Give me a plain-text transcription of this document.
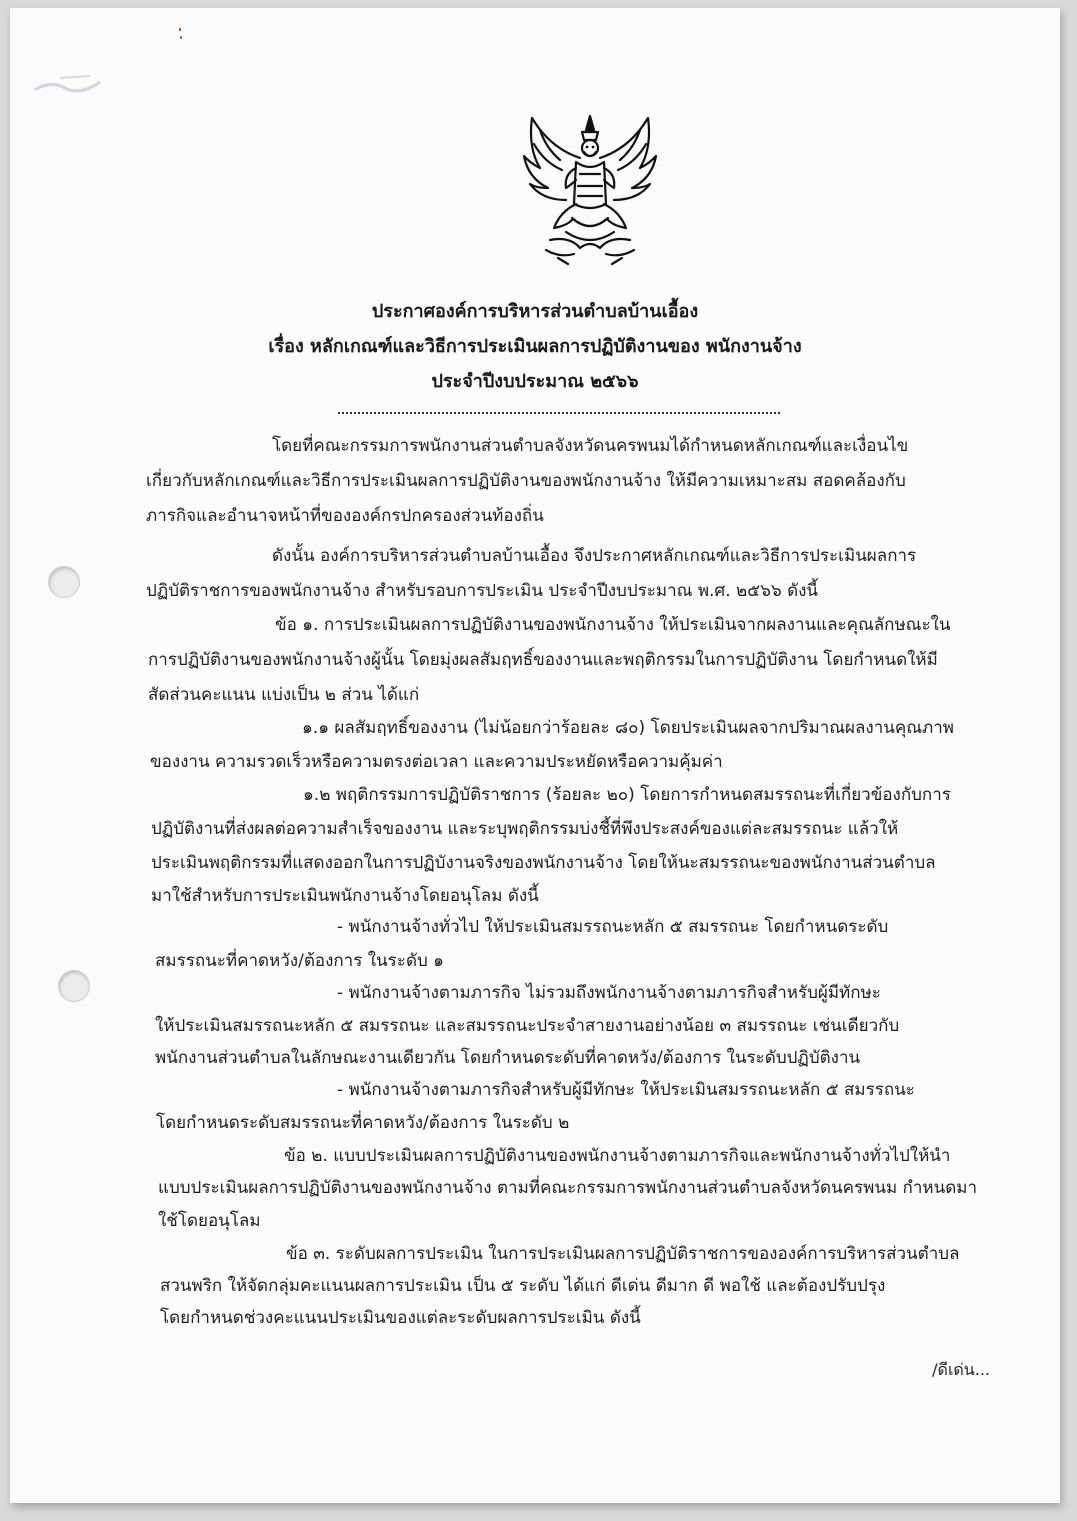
ประกาศองค์การบริหารส่วนตำบลบ้านเอื้อง
เรื่อง หลักเกณฑ์และวิธีการประเมินผลการปฏิบัติงานของ พนักงานจ้าง
ประจำปีงบประมาณ ๒๕๖๖
โดยที่คณะกรรมการพนักงานส่วนตำบลจังหวัดนครพนมได้กำหนดหลักเกณฑ์และเงื่อนไข
เกี่ยวกับหลักเกณฑ์และวิธีการประเมินผลการปฏิบัติงานของพนักงานจ้าง ให้มีความเหมาะสม สอดคล้องกับ
ภารกิจและอำนาจหน้าที่ขององค์กรปกครองส่วนท้องถิ่น
ดังนั้น องค์การบริหารส่วนตำบลบ้านเอื้อง จึงประกาศหลักเกณฑ์และวิธีการประเมินผลการ
ปฏิบัติราชการของพนักงานจ้าง สำหรับรอบการประเมิน ประจำปีงบประมาณ พ.ศ. ๒๕๖๖ ดังนี้
ข้อ ๑. การประเมินผลการปฏิบัติงานของพนักงานจ้าง ให้ประเมินจากผลงานและคุณลักษณะใน
การปฏิบัติงานของพนักงานจ้างผู้นั้น โดยมุ่งผลสัมฤทธิ์ของงานและพฤติกรรมในการปฏิบัติงาน โดยกำหนดให้มี
สัดส่วนคะแนน แบ่งเป็น ๒ ส่วน ได้แก่
๑.๑ ผลสัมฤทธิ์ของงาน (ไม่น้อยกว่าร้อยละ ๘๐) โดยประเมินผลจากปริมาณผลงานคุณภาพ
ของงาน ความรวดเร็วหรือความตรงต่อเวลา และความประหยัดหรือความคุ้มค่า
๑.๒ พฤติกรรมการปฏิบัติราชการ (ร้อยละ ๒๐) โดยการกำหนดสมรรถนะที่เกี่ยวข้องกับการ
ปฏิบัติงานที่ส่งผลต่อความสำเร็จของงาน และระบุพฤติกรรมบ่งชี้ที่พึงประสงค์ของแต่ละสมรรถนะ แล้วให้
ประเมินพฤติกรรมที่แสดงออกในการปฏิบังานจริงของพนักงานจ้าง โดยให้นะสมรรถนะของพนักงานส่วนตำบล
มาใช้สำหรับการประเมินพนักงานจ้างโดยอนุโลม ดังนี้
- พนักงานจ้างทั่วไป ให้ประเมินสมรรถนะหลัก ๕ สมรรถนะ โดยกำหนดระดับ
สมรรถนะที่คาดหวัง/ต้องการ ในระดับ ๑
- พนักงานจ้างตามภารกิจ ไม่รวมถึงพนักงานจ้างตามภารกิจสำหรับผู้มีทักษะ
ให้ประเมินสมรรถนะหลัก ๕ สมรรถนะ และสมรรถนะประจำสายงานอย่างน้อย ๓ สมรรถนะ เช่นเดียวกับ
พนักงานส่วนตำบลในลักษณะงานเดียวกัน โดยกำหนดระดับที่คาดหวัง/ต้องการ ในระดับปฏิบัติงาน
- พนักงานจ้างตามภารกิจสำหรับผู้มีทักษะ ให้ประเมินสมรรถนะหลัก ๕ สมรรถนะ
โดยกำหนดระดับสมรรถนะที่คาดหวัง/ต้องการ ในระดับ ๒
ข้อ ๒. แบบประเมินผลการปฏิบัติงานของพนักงานจ้างตามภารกิจและพนักงานจ้างทั่วไปให้นำ
แบบประเมินผลการปฏิบัติงานของพนักงานจ้าง ตามที่คณะกรรมการพนักงานส่วนตำบลจังหวัดนครพนม กำหนดมา
ใช้โดยอนุโลม
ข้อ ๓. ระดับผลการประเมิน ในการประเมินผลการปฏิบัติราชการขององค์การบริหารส่วนตำบล
สวนพริก ให้จัดกลุ่มคะแนนผลการประเมิน เป็น ๕ ระดับ ได้แก่ ดีเด่น ดีมาก ดี พอใช้ และต้องปรับปรุง
โดยกำหนดช่วงคะแนนประเมินของแต่ละระดับผลการประเมิน ดังนี้
/ดีเด่น...
